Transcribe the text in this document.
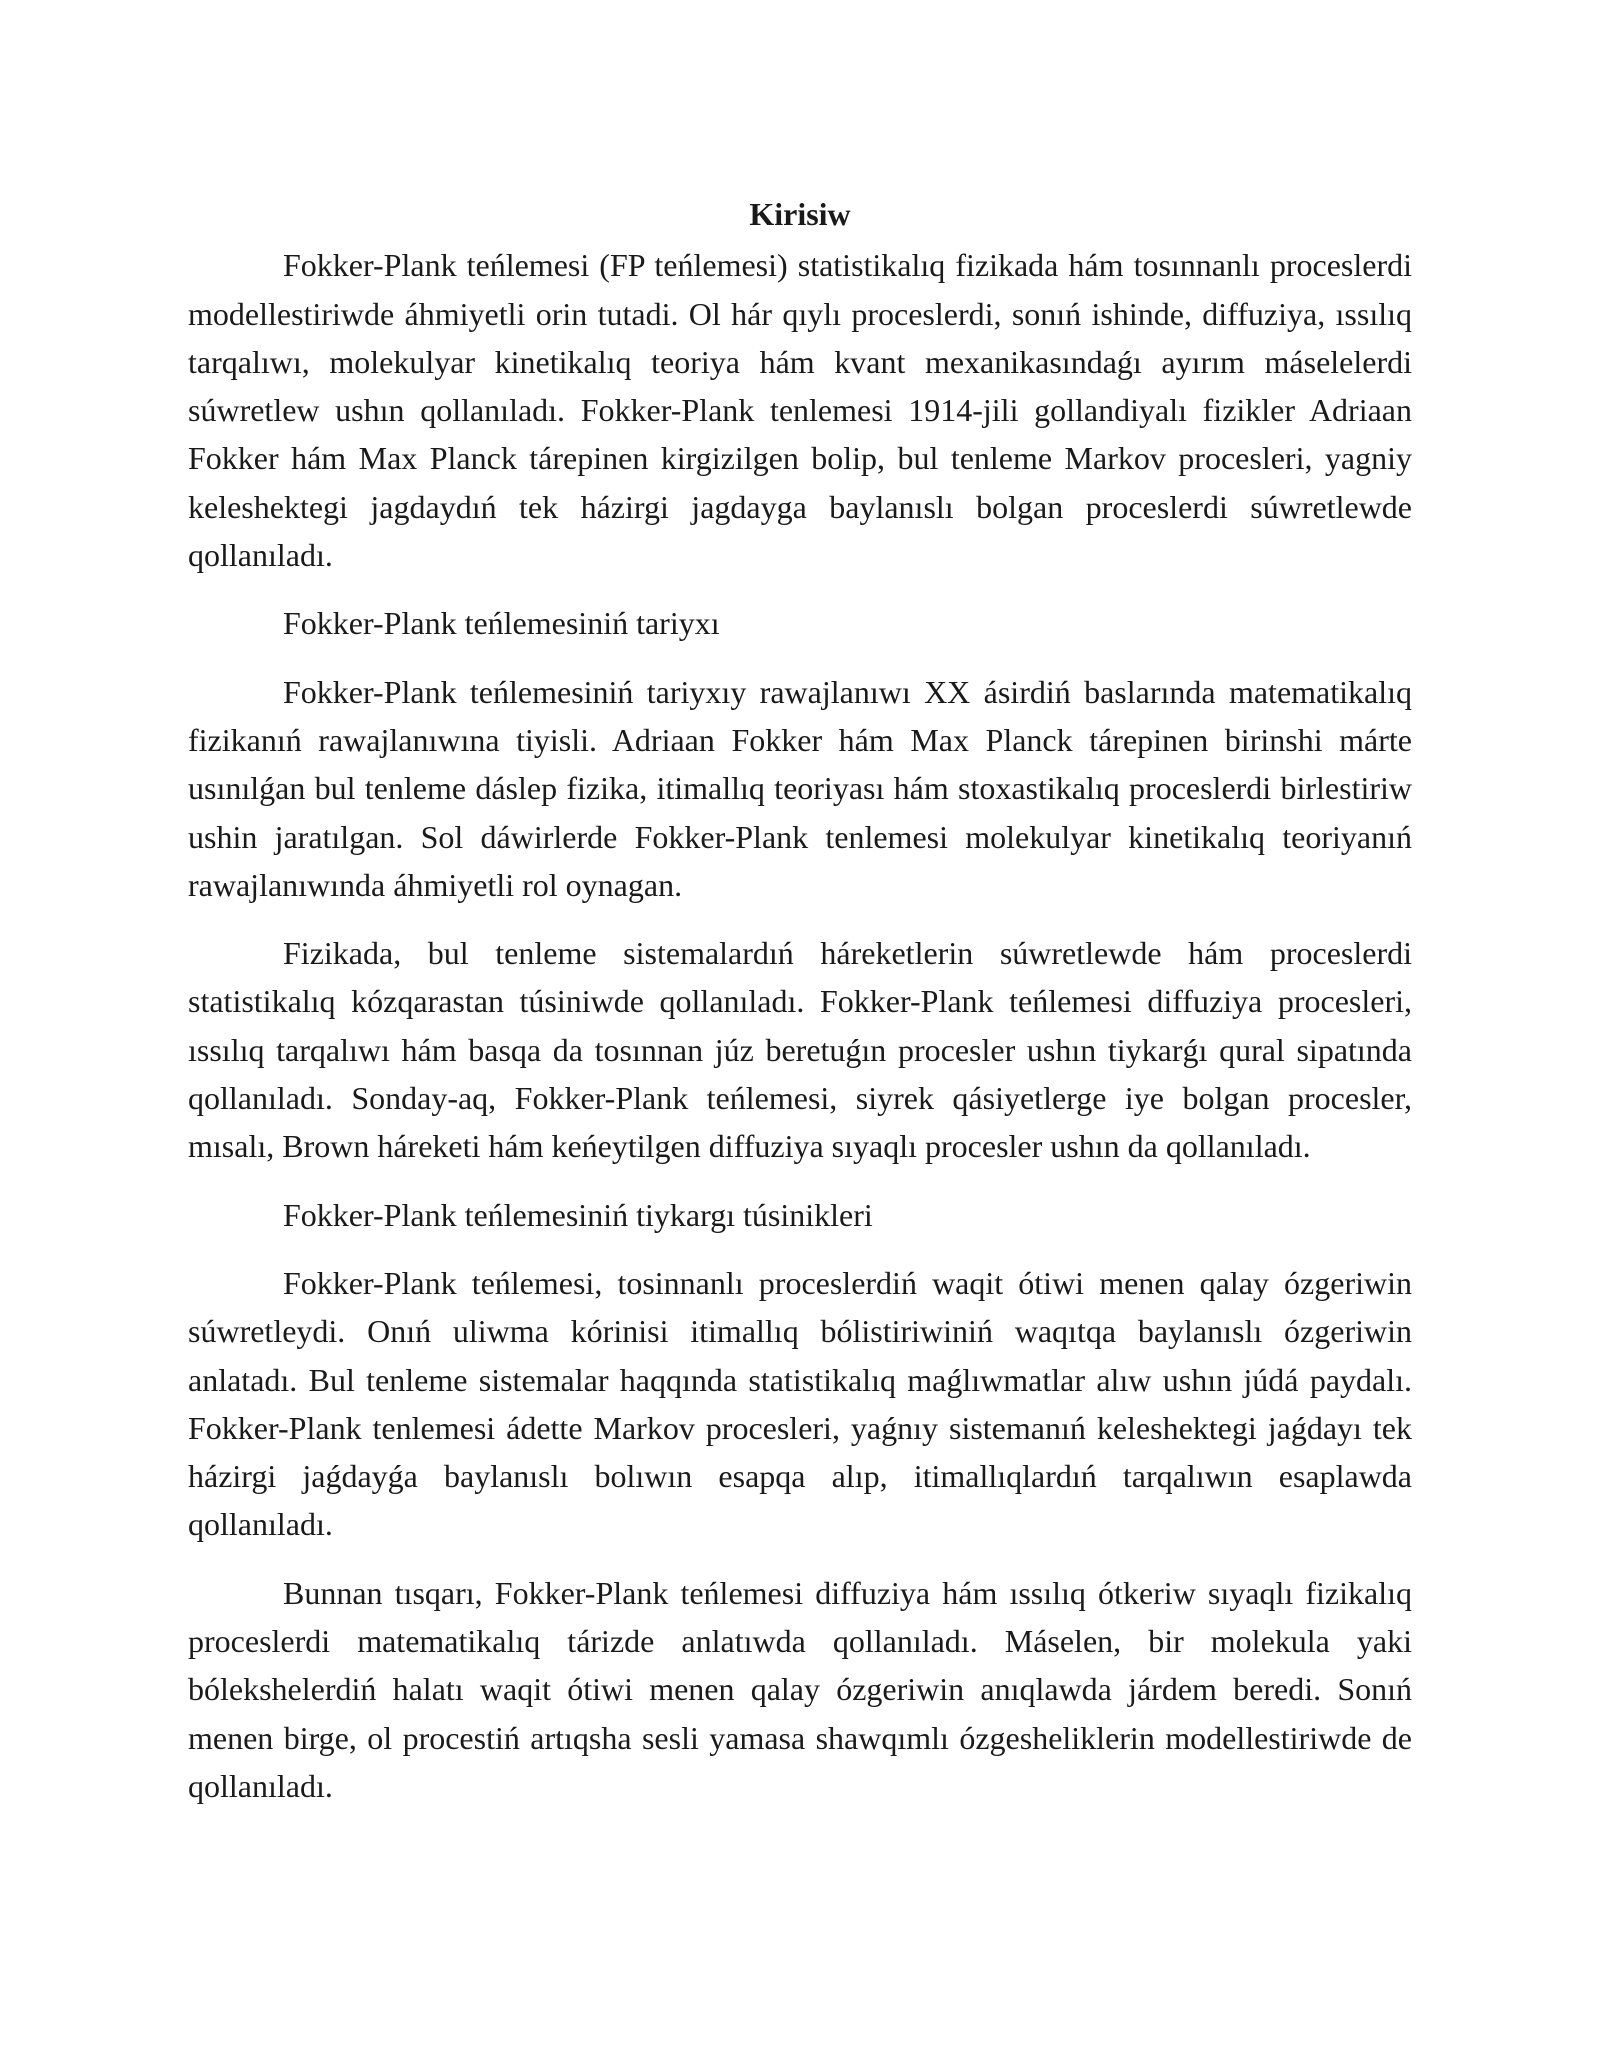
Kirisiw
Fokker-Plank teńlemesi (FP teńlemesi) statistikalıq fizikada hám tosınnanlı proceslerdi modellestiriwde áhmiyetli orin tutadi. Ol hár qıylı proceslerdi, sonıń ishinde, diffuziya, ıssılıq tarqalıwı, molekulyar kinetikalıq teoriya hám kvant mexanikasındaǵı ayırım máselelerdi súwretlew ushın qollanıladı. Fokker-Plank tenlemesi 1914-jili gollandiyalı fizikler Adriaan Fokker hám Max Planck tárepinen kirgizilgen bolip, bul tenleme Markov procesleri, yagniy keleshektegi jagdaydıń tek házirgi jagdayga baylanıslı bolgan proceslerdi súwretlewde qollanıladı.
Fokker-Plank teńlemesiniń tariyxı
Fokker-Plank teńlemesiniń tariyxıy rawajlanıwı XX ásirdiń baslarında matematikalıq fizikanıń rawajlanıwına tiyisli. Adriaan Fokker hám Max Planck tárepinen birinshi márte usınılǵan bul tenleme dáslep fizika, itimallıq teoriyası hám stoxastikalıq proceslerdi birlestiriw ushin jaratılgan. Sol dáwirlerde Fokker-Plank tenlemesi molekulyar kinetikalıq teoriyanıń rawajlanıwında áhmiyetli rol oynagan.
Fizikada, bul tenleme sistemalardıń háreketlerin súwretlewde hám proceslerdi statistikalıq kózqarastan túsiniwde qollanıladı. Fokker-Plank teńlemesi diffuziya procesleri, ıssılıq tarqalıwı hám basqa da tosınnan júz beretuǵın procesler ushın tiykarǵı qural sipatında qollanıladı. Sonday-aq, Fokker-Plank teńlemesi, siyrek qásiyetlerge iye bolgan procesler, mısalı, Brown háreketi hám keńeytilgen diffuziya sıyaqlı procesler ushın da qollanıladı.
Fokker-Plank teńlemesiniń tiykargı túsinikleri
Fokker-Plank teńlemesi, tosinnanlı proceslerdiń waqit ótiwi menen qalay ózgeriwin súwretleydi. Onıń uliwma kórinisi itimallıq bólistiriwiniń waqıtqa baylanıslı ózgeriwin anlatadı. Bul tenleme sistemalar haqqında statistikalıq maǵlıwmatlar alıw ushın júdá paydalı. Fokker-Plank tenlemesi ádette Markov procesleri, yaǵnıy sistemanıń keleshektegi jaǵdayı tek házirgi jaǵdayǵa baylanıslı bolıwın esapqa alıp, itimallıqlardıń tarqalıwın esaplawda qollanıladı.
Bunnan tısqarı, Fokker-Plank teńlemesi diffuziya hám ıssılıq ótkeriw sıyaqlı fizikalıq proceslerdi matematikalıq tárizde anlatıwda qollanıladı. Máselen, bir molekula yaki bólekshelerdiń halatı waqit ótiwi menen qalay ózgeriwin anıqlawda járdem beredi. Sonıń menen birge, ol procestiń artıqsha sesli yamasa shawqımlı ózgesheliklerin modellestiriwde de qollanıladı.
